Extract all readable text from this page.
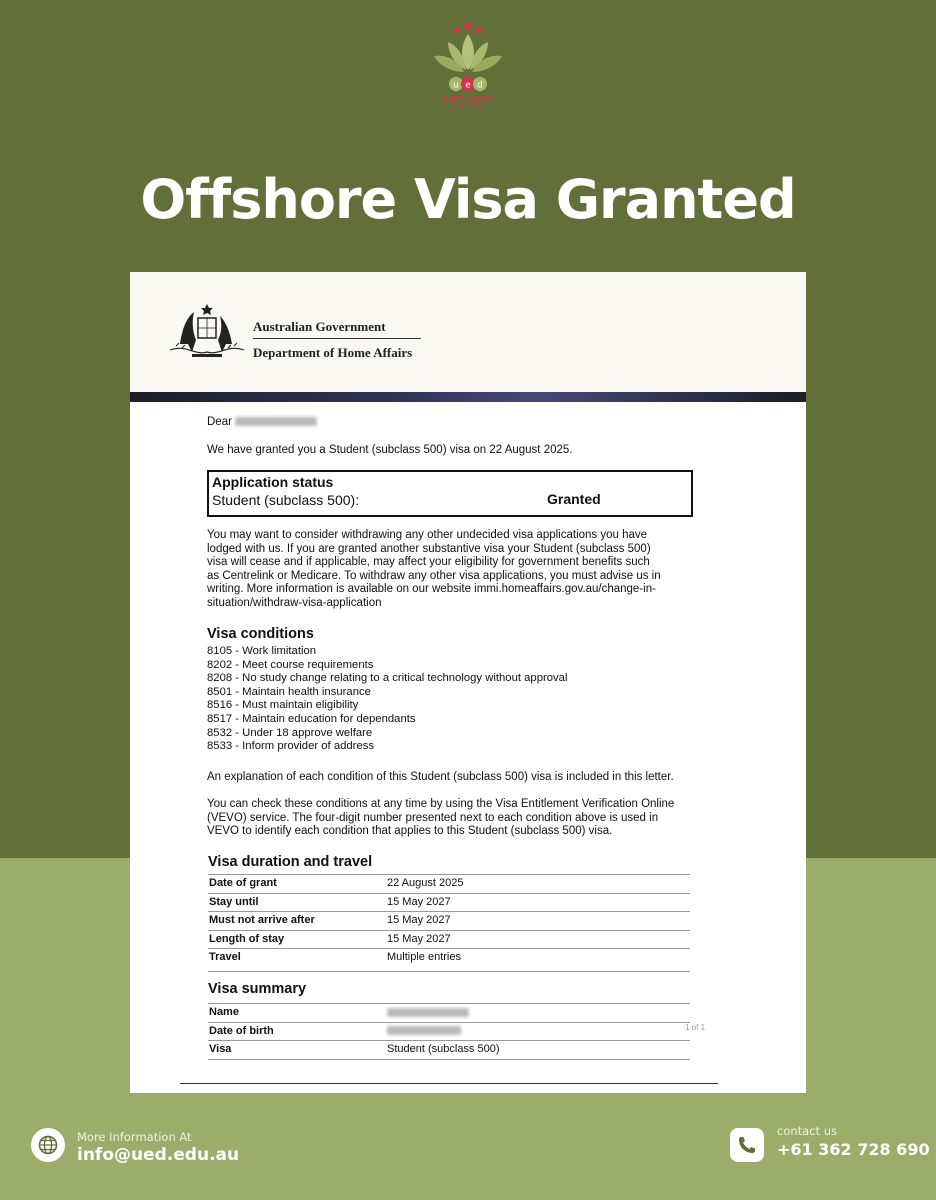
u e d
UNITY CENTRE
OF EDUCATION
Offshore Visa Granted
Australian Government
Department of Home Affairs
Dear
We have granted you a Student (subclass 500) visa on 22 August 2025.
Application status
Student (subclass 500):	Granted
You may want to consider withdrawing any other undecided visa applications you have
lodged with us. If you are granted another substantive visa your Student (subclass 500)
visa will cease and if applicable, may affect your eligibility for government benefits such
as Centrelink or Medicare. To withdraw any other visa applications, you must advise us in
writing. More information is available on our website immi.homeaffairs.gov.au/change-in-
situation/withdraw-visa-application
Visa conditions
8105 - Work limitation
8202 - Meet course requirements
8208 - No study change relating to a critical technology without approval
8501 - Maintain health insurance
8516 - Must maintain eligibility
8517 - Maintain education for dependants
8532 - Under 18 approve welfare
8533 - Inform provider of address
An explanation of each condition of this Student (subclass 500) visa is included in this letter.
You can check these conditions at any time by using the Visa Entitlement Verification Online
(VEVO) service. The four-digit number presented next to each condition above is used in
VEVO to identify each condition that applies to this Student (subclass 500) visa.
Visa duration and travel
Date of grant	22 August 2025
Stay until	15 May 2027
Must not arrive after	15 May 2027
Length of stay	15 May 2027
Travel	Multiple entries
Visa summary
Name
Date of birth
Visa	Student (subclass 500)
1 of 1
More Information At
info@ued.edu.au
contact us
+61 362 728 690
